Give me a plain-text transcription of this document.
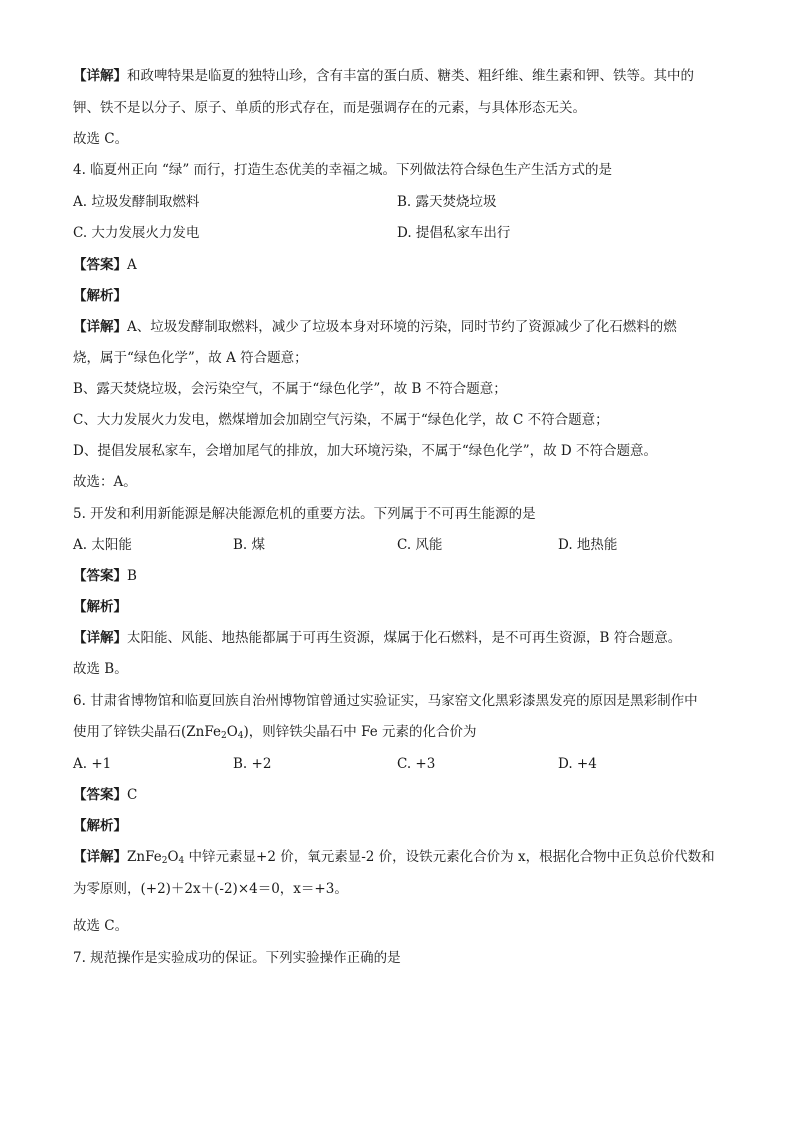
【详解】和政啤特果是临夏的独特山珍，含有丰富的蛋白质、糖类、粗纤维、维生素和钾、铁等。其中的
钾、铁不是以分子、原子、单质的形式存在，而是强调存在的元素，与具体形态无关。
故选 C。
4. 临夏州正向 “绿” 而行，打造生态优美的幸福之城。下列做法符合绿色生产生活方式的是
A. 垃圾发酵制取燃料	B. 露天焚烧垃圾
C. 大力发展火力发电	D. 提倡私家车出行
【答案】A
【解析】
【详解】A、垃圾发酵制取燃料，减少了垃圾本身对环境的污染，同时节约了资源减少了化石燃料的燃
烧，属于“绿色化学”，故 A 符合题意；
B、露天焚烧垃圾，会污染空气，不属于“绿色化学”，故 B 不符合题意；
C、大力发展火力发电，燃煤增加会加剧空气污染，不属于“绿色化学，故 C 不符合题意；
D、提倡发展私家车，会增加尾气的排放，加大环境污染，不属于“绿色化学”，故 D 不符合题意。
故选：A。
5. 开发和利用新能源是解决能源危机的重要方法。下列属于不可再生能源的是
A. 太阳能	B. 煤	C. 风能	D. 地热能
【答案】B
【解析】
【详解】太阳能、风能、地热能都属于可再生资源，煤属于化石燃料，是不可再生资源，B 符合题意。
故选 B。
6. 甘肃省博物馆和临夏回族自治州博物馆曾通过实验证实，马家窑文化黑彩漆黑发亮的原因是黑彩制作中
使用了锌铁尖晶石$(ZnFe_2O_4)$，则锌铁尖晶石中 Fe 元素的化合价为
A. +1	B. +2	C. +3	D. +4
【答案】C
【解析】
【详解】$ZnFe_2O_4$ 中锌元素显+2 价，氧元素显-2 价，设铁元素化合价为 x，根据化合物中正负总价代数和
为零原则，(+2)＋2x＋(-2)×4＝0，x＝+3。
故选 C。
7. 规范操作是实验成功的保证。下列实验操作正确的是
